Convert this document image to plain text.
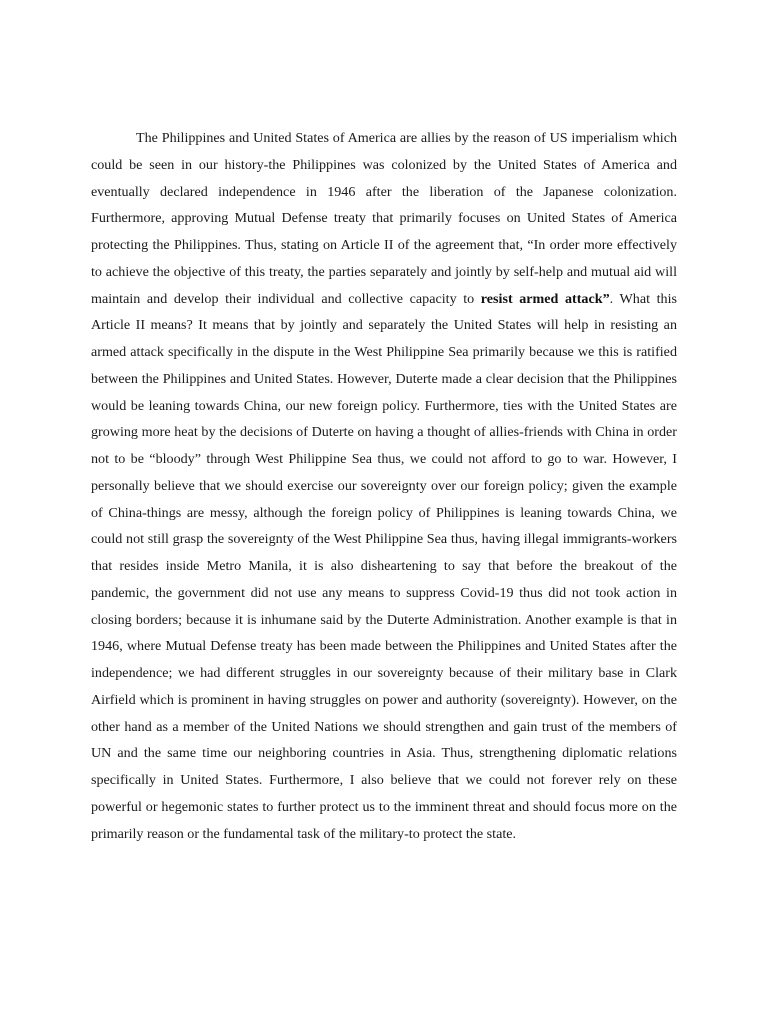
The Philippines and United States of America are allies by the reason of US imperialism which could be seen in our history-the Philippines was colonized by the United States of America and eventually declared independence in 1946 after the liberation of the Japanese colonization. Furthermore, approving Mutual Defense treaty that primarily focuses on United States of America protecting the Philippines. Thus, stating on Article II of the agreement that, “In order more effectively to achieve the objective of this treaty, the parties separately and jointly by self-help and mutual aid will maintain and develop their individual and collective capacity to resist armed attack”. What this Article II means? It means that by jointly and separately the United States will help in resisting an armed attack specifically in the dispute in the West Philippine Sea primarily because we this is ratified between the Philippines and United States. However, Duterte made a clear decision that the Philippines would be leaning towards China, our new foreign policy. Furthermore, ties with the United States are growing more heat by the decisions of Duterte on having a thought of allies-friends with China in order not to be “bloody” through West Philippine Sea thus, we could not afford to go to war. However, I personally believe that we should exercise our sovereignty over our foreign policy; given the example of China-things are messy, although the foreign policy of Philippines is leaning towards China, we could not still grasp the sovereignty of the West Philippine Sea thus, having illegal immigrants-workers that resides inside Metro Manila, it is also disheartening to say that before the breakout of the pandemic, the government did not use any means to suppress Covid-19 thus did not took action in closing borders; because it is inhumane said by the Duterte Administration. Another example is that in 1946, where Mutual Defense treaty has been made between the Philippines and United States after the independence; we had different struggles in our sovereignty because of their military base in Clark Airfield which is prominent in having struggles on power and authority (sovereignty). However, on the other hand as a member of the United Nations we should strengthen and gain trust of the members of UN and the same time our neighboring countries in Asia. Thus, strengthening diplomatic relations specifically in United States. Furthermore, I also believe that we could not forever rely on these powerful or hegemonic states to further protect us to the imminent threat and should focus more on the primarily reason or the fundamental task of the military-to protect the state.
